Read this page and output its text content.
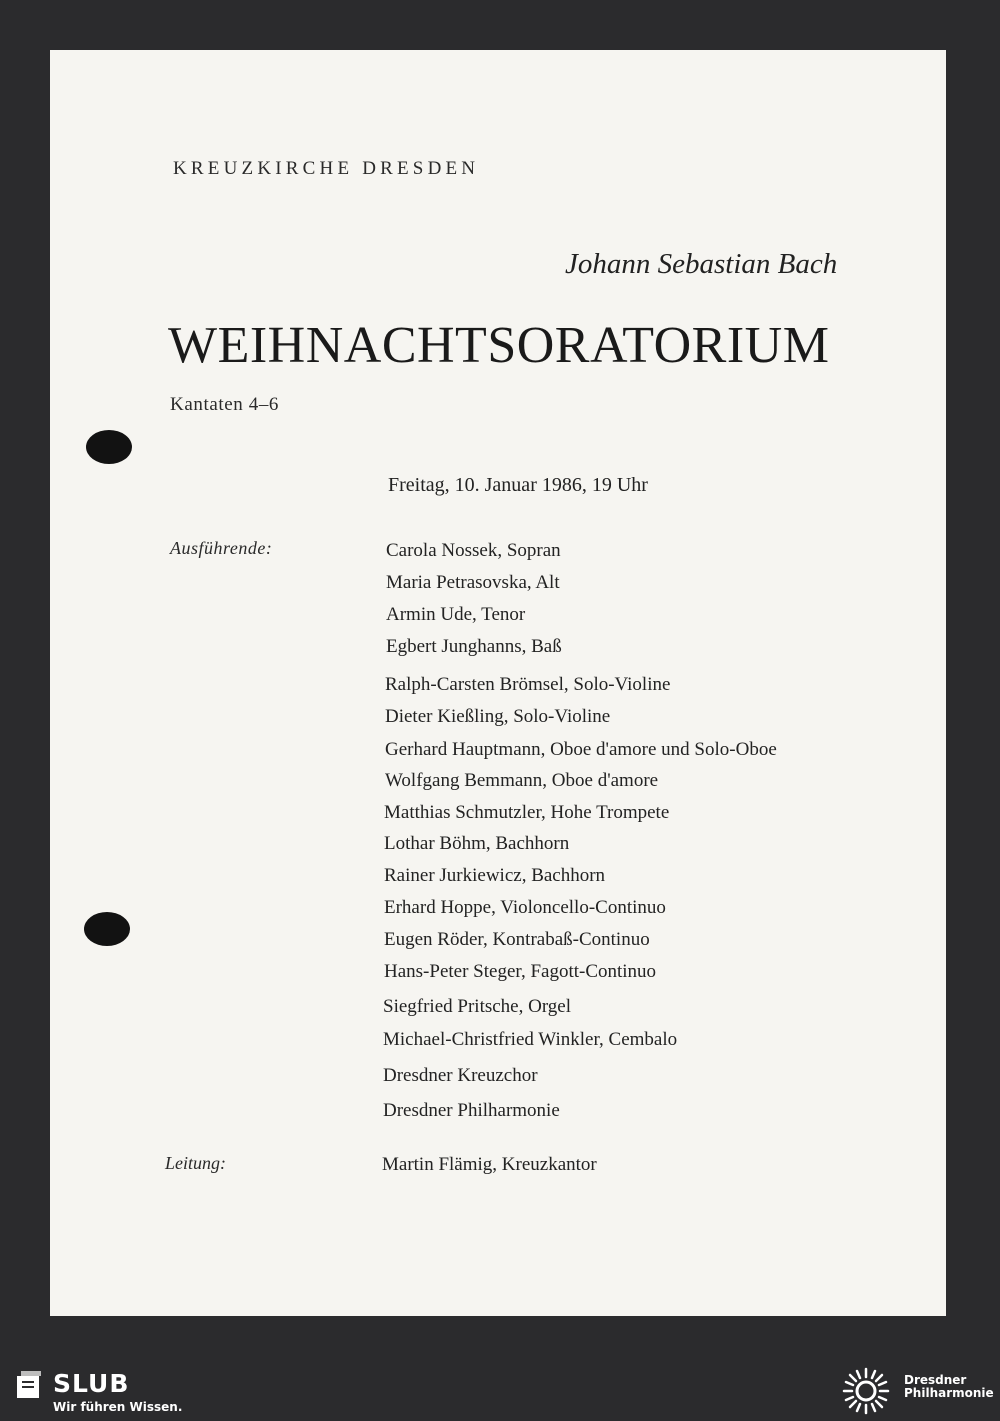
KREUZKIRCHE DRESDEN
Johann Sebastian Bach
WEIHNACHTSORATORIUM
Kantaten 4–6
Freitag, 10. Januar 1986, 19 Uhr
Ausführende:	Carola Nossek, Sopran
Maria Petrasovska, Alt
Armin Ude, Tenor
Egbert Junghanns, Baß
Ralph-Carsten Brömsel, Solo-Violine
Dieter Kießling, Solo-Violine
Gerhard Hauptmann, Oboe d'amore und Solo-Oboe
Wolfgang Bemmann, Oboe d'amore
Matthias Schmutzler, Hohe Trompete
Lothar Böhm, Bachhorn
Rainer Jurkiewicz, Bachhorn
Erhard Hoppe, Violoncello-Continuo
Eugen Röder, Kontrabaß-Continuo
Hans-Peter Steger, Fagott-Continuo
Siegfried Pritsche, Orgel
Michael-Christfried Winkler, Cembalo
Dresdner Kreuzchor
Dresdner Philharmonie
Leitung:	Martin Flämig, Kreuzkantor
SLUB
Wir führen Wissen.
Dresdner
Philharmonie
